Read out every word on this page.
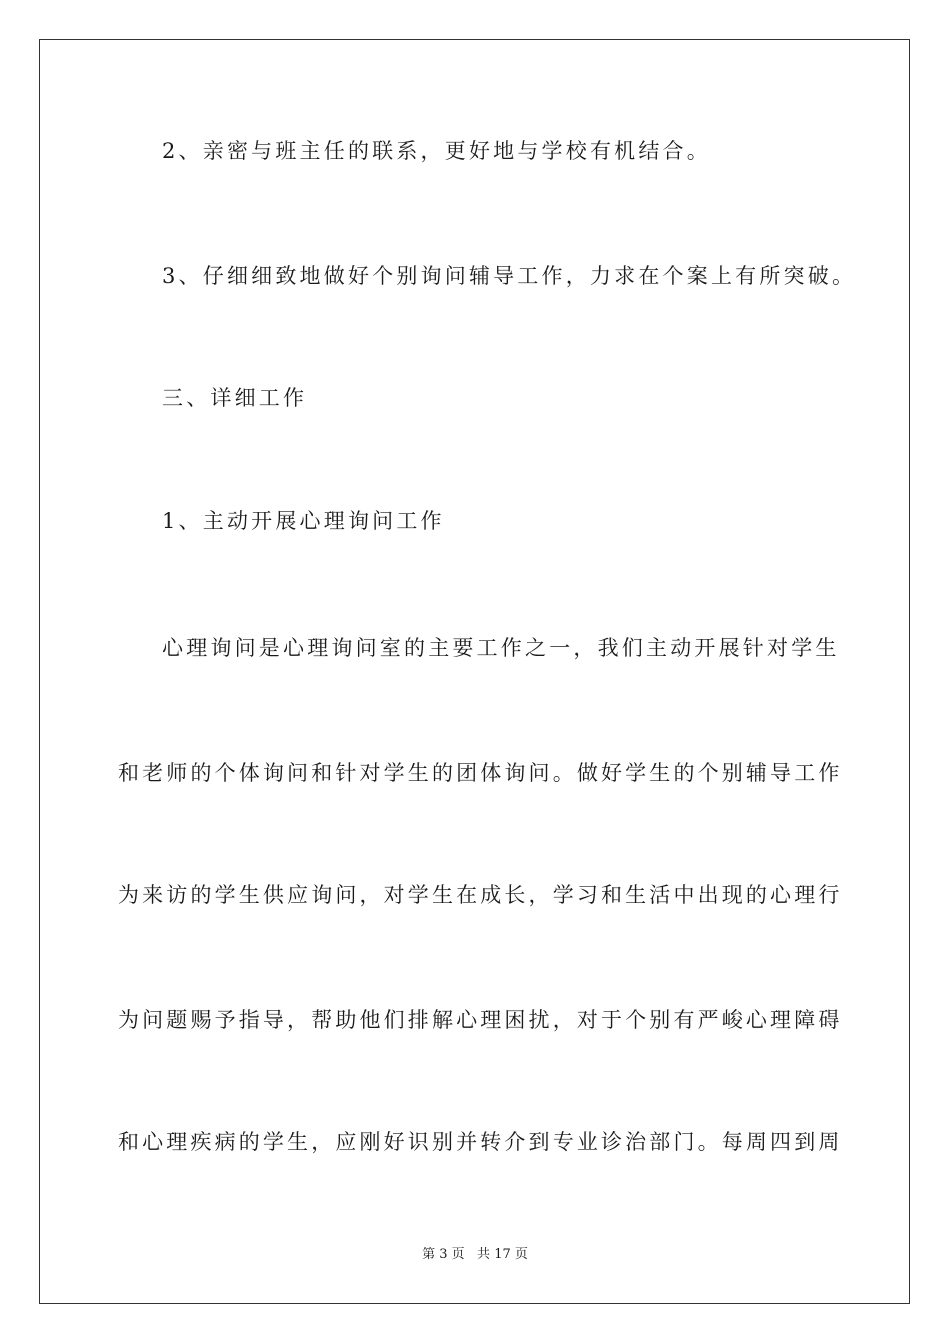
2、亲密与班主任的联系，更好地与学校有机结合。
3、仔细细致地做好个别询问辅导工作，力求在个案上有所突破。
三、详细工作
1、主动开展心理询问工作
心理询问是心理询问室的主要工作之一，我们主动开展针对学生
和老师的个体询问和针对学生的团体询问。做好学生的个别辅导工作
为来访的学生供应询问，对学生在成长，学习和生活中出现的心理行
为问题赐予指导，帮助他们排解心理困扰，对于个别有严峻心理障碍
和心理疾病的学生，应刚好识别并转介到专业诊治部门。每周四到周
第 3 页   共 17 页
